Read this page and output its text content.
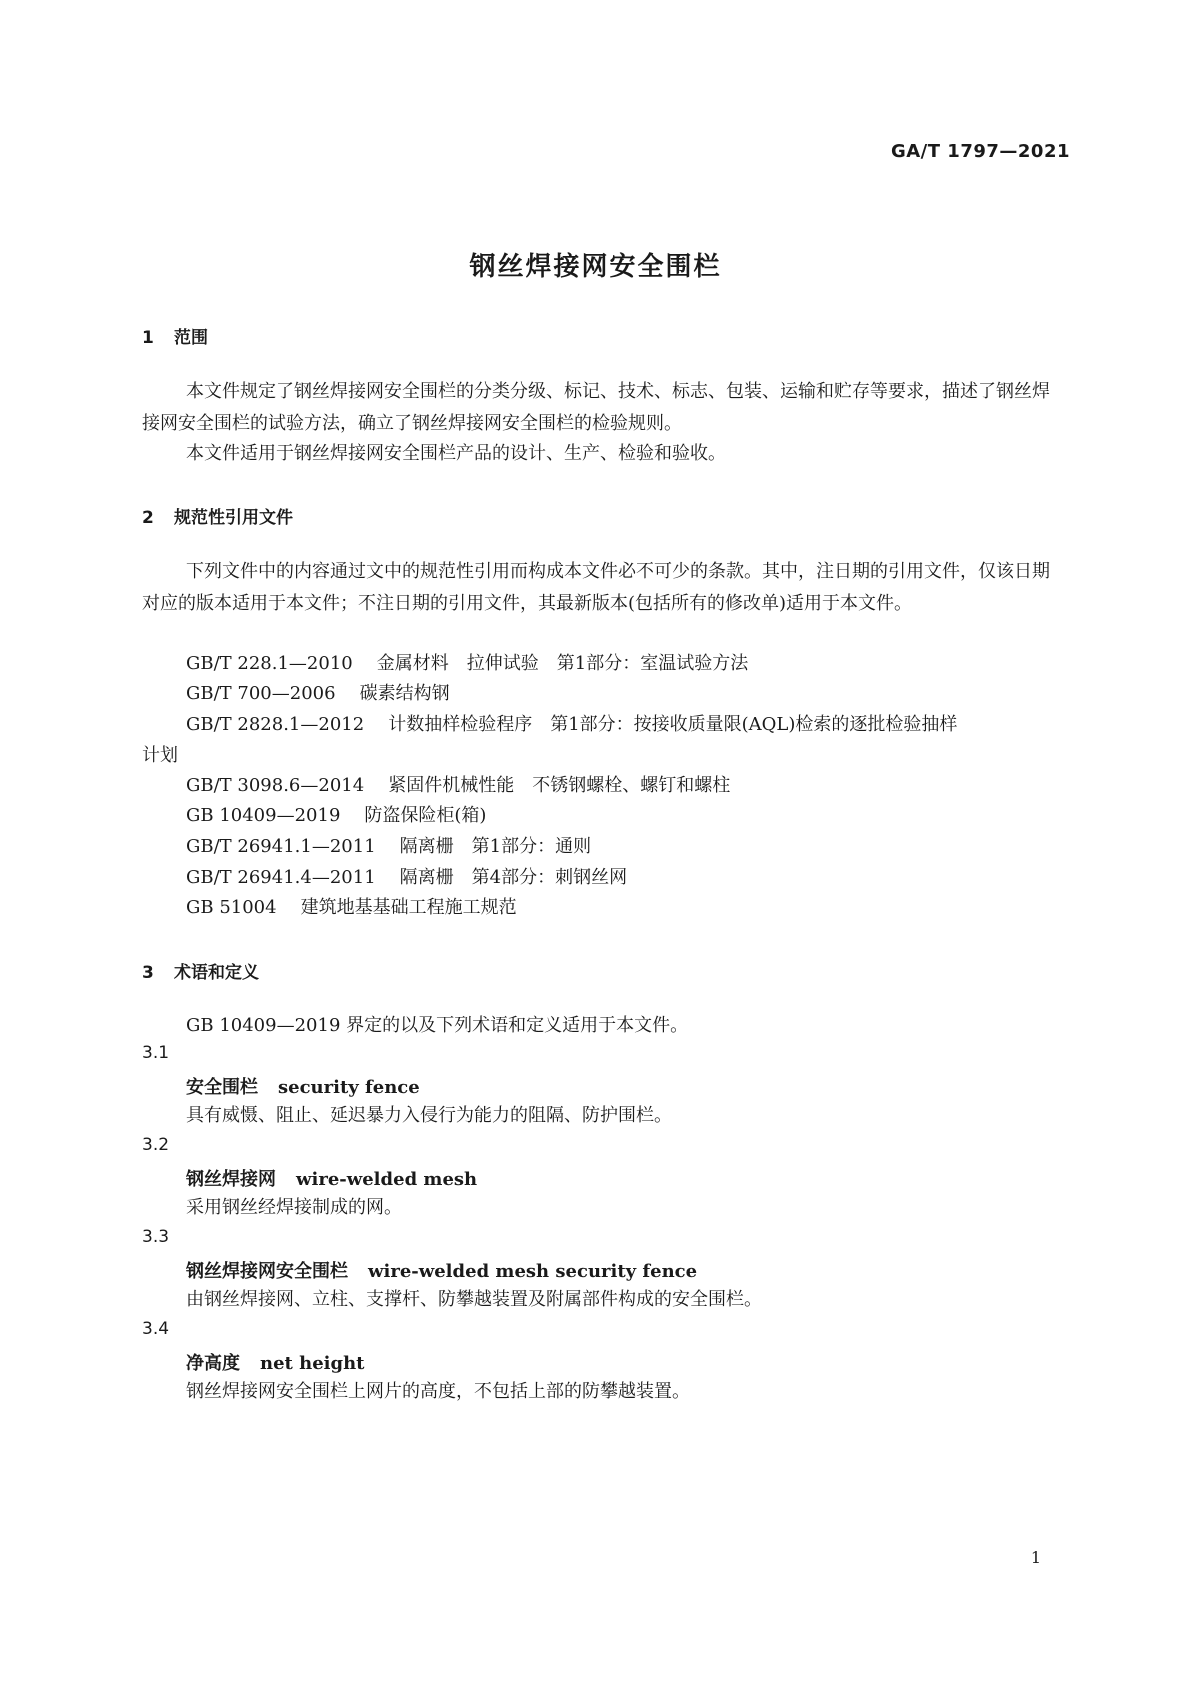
GA/T 1797—2021
钢丝焊接网安全围栏
1 范围
本文件规定了钢丝焊接网安全围栏的分类分级、标记、技术、标志、包装、运输和贮存等要求，描述了钢丝焊接网安全围栏的试验方法，确立了钢丝焊接网安全围栏的检验规则。
本文件适用于钢丝焊接网安全围栏产品的设计、生产、检验和验收。
2 规范性引用文件
下列文件中的内容通过文中的规范性引用而构成本文件必不可少的条款。其中，注日期的引用文件，仅该日期对应的版本适用于本文件；不注日期的引用文件，其最新版本(包括所有的修改单)适用于本文件。
GB/T 228.1—2010 金属材料　拉伸试验　第1部分：室温试验方法
GB/T 700—2006 碳素结构钢
GB/T 2828.1—2012 计数抽样检验程序　第1部分：按接收质量限(AQL)检索的逐批检验抽样
计划
GB/T 3098.6—2014 紧固件机械性能　不锈钢螺栓、螺钉和螺柱
GB 10409—2019 防盗保险柜(箱)
GB/T 26941.1—2011 隔离栅　第1部分：通则
GB/T 26941.4—2011 隔离栅　第4部分：刺钢丝网
GB 51004 建筑地基基础工程施工规范
3 术语和定义
GB 10409—2019 界定的以及下列术语和定义适用于本文件。
3.1
安全围栏 security fence
具有威慑、阻止、延迟暴力入侵行为能力的阻隔、防护围栏。
3.2
钢丝焊接网 wire-welded mesh
采用钢丝经焊接制成的网。
3.3
钢丝焊接网安全围栏 wire-welded mesh security fence
由钢丝焊接网、立柱、支撑杆、防攀越装置及附属部件构成的安全围栏。
3.4
净高度 net height
钢丝焊接网安全围栏上网片的高度，不包括上部的防攀越装置。
1
